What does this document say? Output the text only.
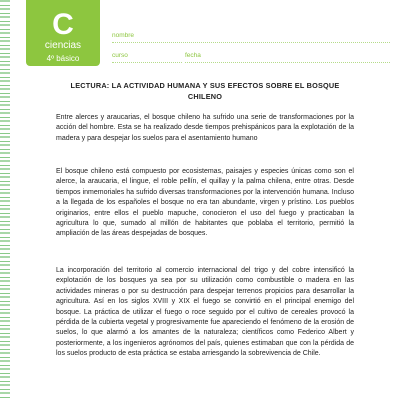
C
ciencias
4º básico
nombre
curso	fecha
LECTURA: LA ACTIVIDAD HUMANA Y SUS EFECTOS SOBRE EL BOSQUE CHILENO

Entre alerces y araucarias, el bosque chileno ha sufrido una serie de transformaciones por la acción del hombre. Esta se ha realizado desde tiempos prehispánicos para la explotación de la madera y para despejar los suelos para el asentamiento humano

El bosque chileno está compuesto por ecosistemas, paisajes y especies únicas como son el alerce, la araucaria, el lingue, el roble pellín, el quillay y la palma chilena, entre otras. Desde tiempos inmemoriales ha sufrido diversas transformaciones por la intervención humana. Incluso a la llegada de los españoles el bosque no era tan abundante, virgen y prístino. Los pueblos originarios, entre ellos el pueblo mapuche, conocieron el uso del fuego y practicaban la agricultura lo que, sumado al millón de habitantes que poblaba el territorio, permitió la ampliación de las áreas despejadas de bosques.

La incorporación del territorio al comercio internacional del trigo y del cobre intensificó la explotación de los bosques ya sea por su utilización como combustible o madera en las actividades mineras o por su destrucción para despejar terrenos propicios para desarrollar la agricultura. Así en los siglos XVIII y XIX el fuego se convirtió en el principal enemigo del bosque. La práctica de utilizar el fuego o roce seguido por el cultivo de cereales provocó la pérdida de la cubierta vegetal y progresivamente fue apareciendo el fenómeno de la erosión de suelos, lo que alarmó a los amantes de la naturaleza; científicos como Federico Albert y posteriormente, a los ingenieros agrónomos del país, quienes estimaban que con la pérdida de los suelos producto de esta práctica se estaba arriesgando la sobrevivencia de Chile.
